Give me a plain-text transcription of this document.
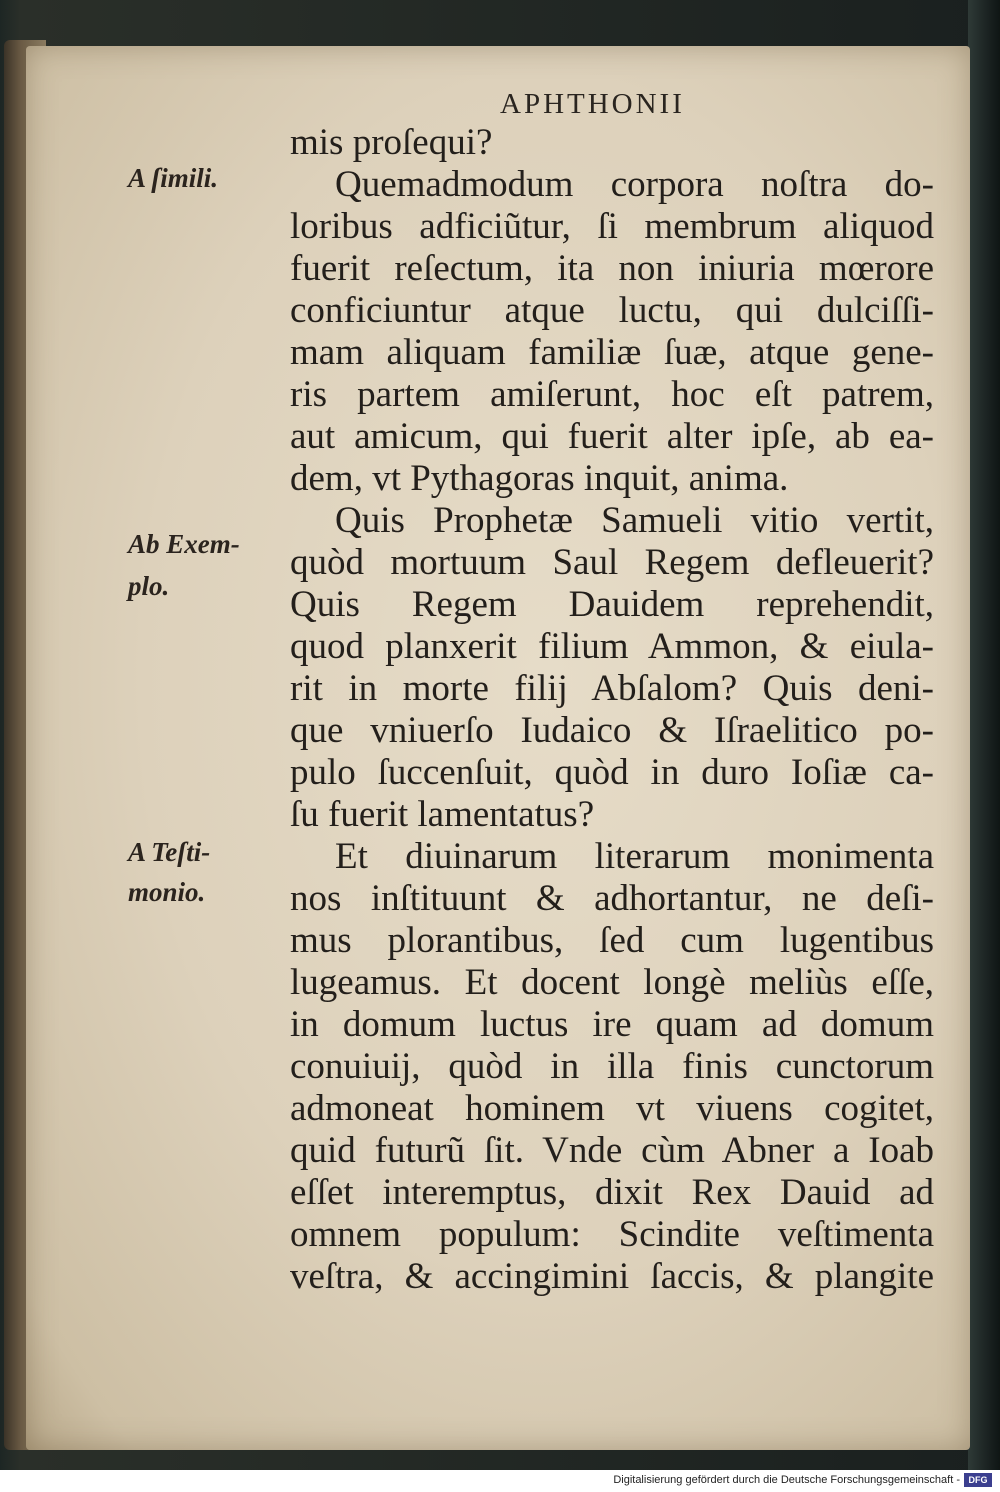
APHTHONII
A ſimili.
Ab Exem-
plo.
A Teſti-
monio.
mis proſequi?
Quemadmodum corpora noſtra do-
loribus adficiũtur, ſi membrum aliquod
fuerit reſectum, ita non iniuria mœrore
conficiuntur atque luctu, qui dulciſſi-
mam aliquam familiæ ſuæ, atque gene-
ris partem amiſerunt, hoc eſt patrem,
aut amicum, qui fuerit alter ipſe, ab ea-
dem, vt Pythagoras inquit, anima.
Quis Prophetæ Samueli vitio vertit,
quòd mortuum Saul Regem defleuerit?
Quis Regem Dauidem reprehendit,
quod planxerit filium Ammon, & eiula-
rit in morte filij Abſalom? Quis deni-
que vniuerſo Iudaico & Iſraelitico po-
pulo ſuccenſuit, quòd in duro Ioſiæ ca-
ſu fuerit lamentatus?
Et diuinarum literarum monimenta
nos inſtituunt & adhortantur, ne deſi-
mus plorantibus, ſed cum lugentibus
lugeamus. Et docent longè meliùs eſſe,
in domum luctus ire quam ad domum
conuiuij, quòd in illa finis cunctorum
admoneat hominem vt viuens cogitet,
quid futurũ ſit. Vnde cùm Abner a Ioab
eſſet interemptus, dixit Rex Dauid ad
omnem populum: Scindite veſtimenta
veſtra, & accingimini ſaccis, & plangite
Digitalisierung gefördert durch die Deutsche Forschungsgemeinschaft - DFG
